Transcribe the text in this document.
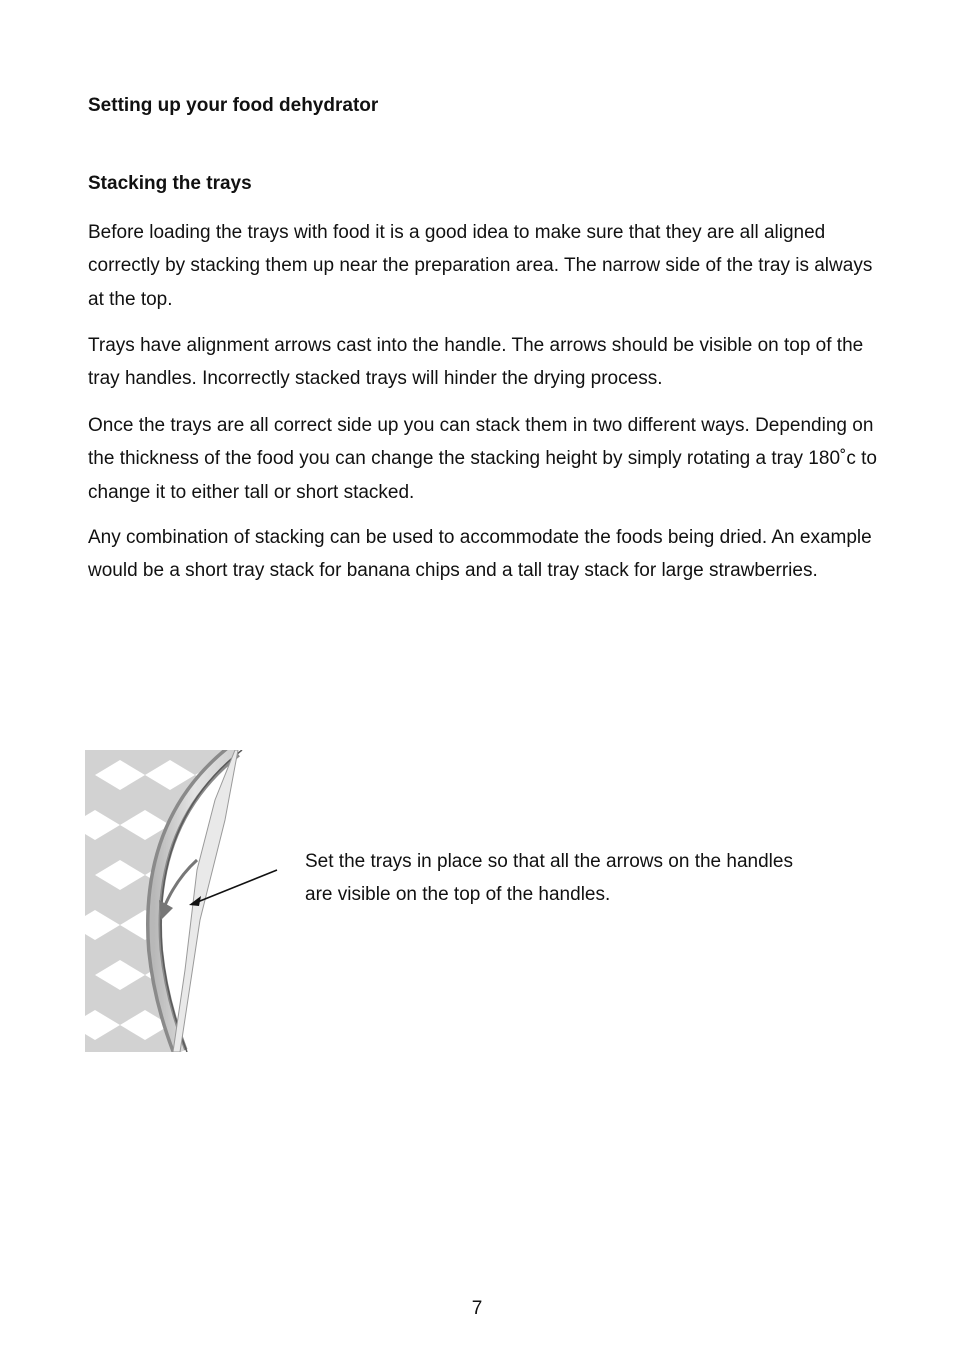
Setting up your food dehydrator
Stacking the trays

Before loading the trays with food it is a good idea to make sure that they are all aligned correctly by stacking them up near the preparation area. The narrow side of the tray is always at the top.

Trays have alignment arrows cast into the handle. The arrows should be visible on top of the tray handles. Incorrectly stacked trays will hinder the drying process.

Once the trays are all correct side up you can stack them in two different ways. Depending on the thickness of the food you can change the stacking height by simply rotating a tray 180˚c to change it to either tall or short stacked.

Any combination of stacking can be used to accommodate the foods being dried. An example would be a short tray stack for banana chips and a tall tray stack for large strawberries.

Set the trays in place so that all the arrows on the handles are visible on the top of the handles.

7
